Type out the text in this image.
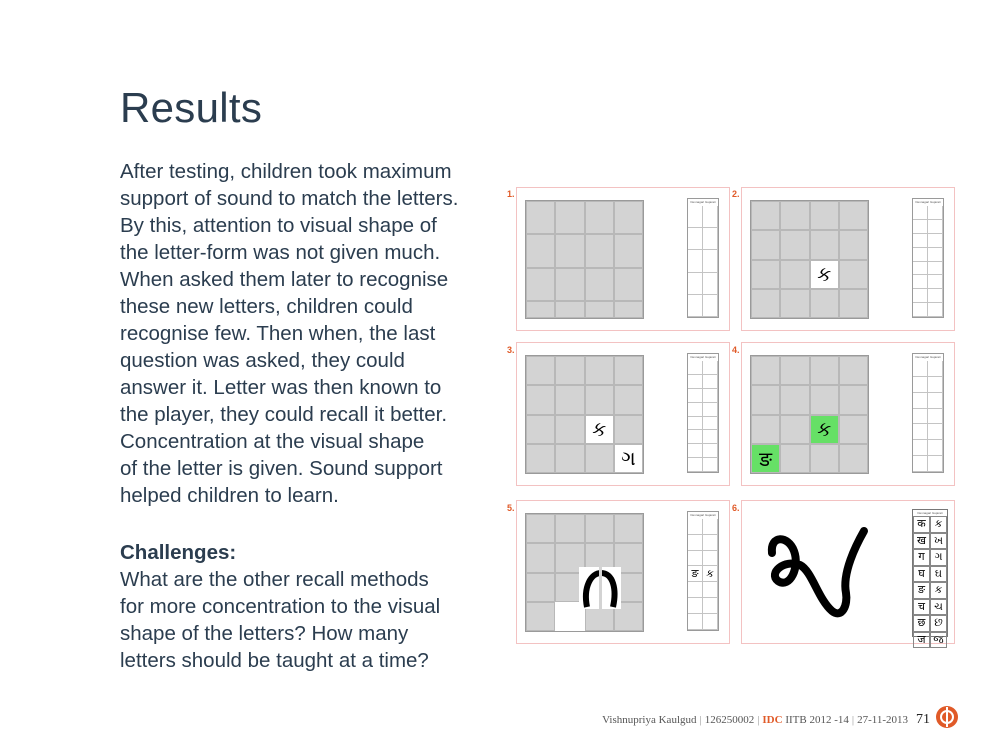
Results

After testing, children took maximum

support of sound to match the letters.

By this, attention to visual shape of

the letter-form was not given much.

When asked them later to recognise

these new letters, children could

recognise few. Then when, the last

question was asked, they could

answer it. Letter was then known to

the player, they could recall it better.

Concentration at the visual shape

of the letter is given. Sound support

helped children to learn.

Challenges:

What are the other recall methods

for more concentration to the visual

shape of the letters? How many

letters should be taught at a time?

1.
Devnagari Gujarati
2.
ક
Devnagari Gujarati
3.
ક
ગ
Devnagari Gujarati
4.
ક
ङ
Devnagari Gujarati
5.
Devnagari Gujarati
ङ ક
6.	Devnagari Gujarati
क ક
ख ખ
ग ગ
घ ઘ
ङ ક
च ચ
छ છ
ज જ
Vishnupriya Kaulgud | 126250002 | IDC IITB 2012 -14 | 27-11-2013 71
